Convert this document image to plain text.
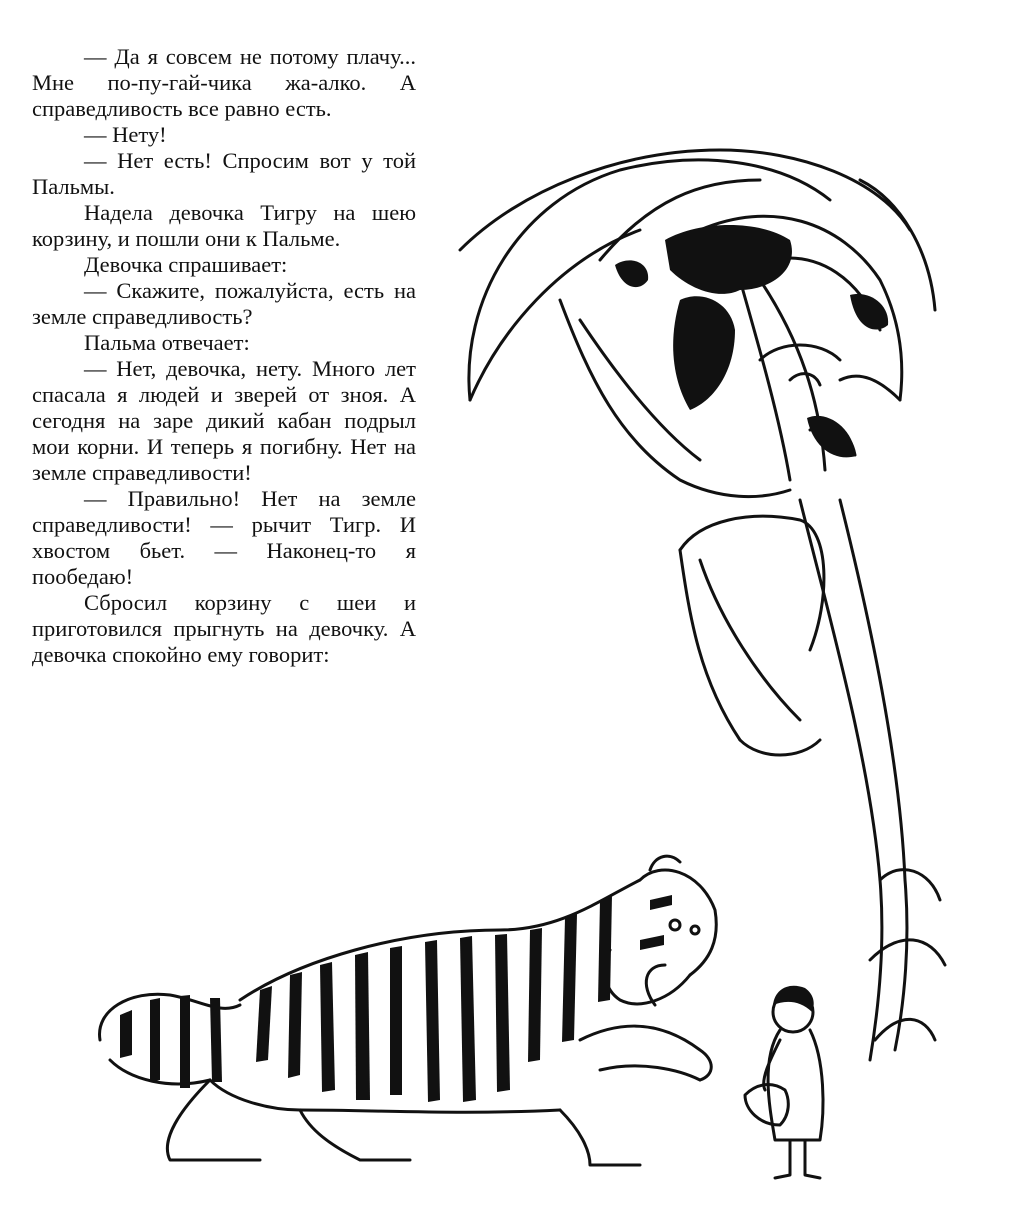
— Да я совсем не потому плачу... Мне по-пу-гай-чика жа-алко. А справедливость все равно есть.

— Нету!

— Нет есть! Спросим вот у той Пальмы.

Надела девочка Тигру на шею корзину, и пошли они к Пальме.

Девочка спрашивает:

— Скажите, пожалуйста, есть на земле справедливость?

Пальма отвечает:

— Нет, девочка, нету. Много лет спасала я людей и зверей от зноя. А сегодня на заре дикий кабан подрыл мои корни. И теперь я погибну. Нет на земле справедливости!

— Правильно! Нет на земле справедливости! — рычит Тигр. И хвостом бьет. — Наконец-то я пообедаю!

Сбросил корзину с шеи и приготовился прыгнуть на девочку. А девочка спокойно ему говорит:
